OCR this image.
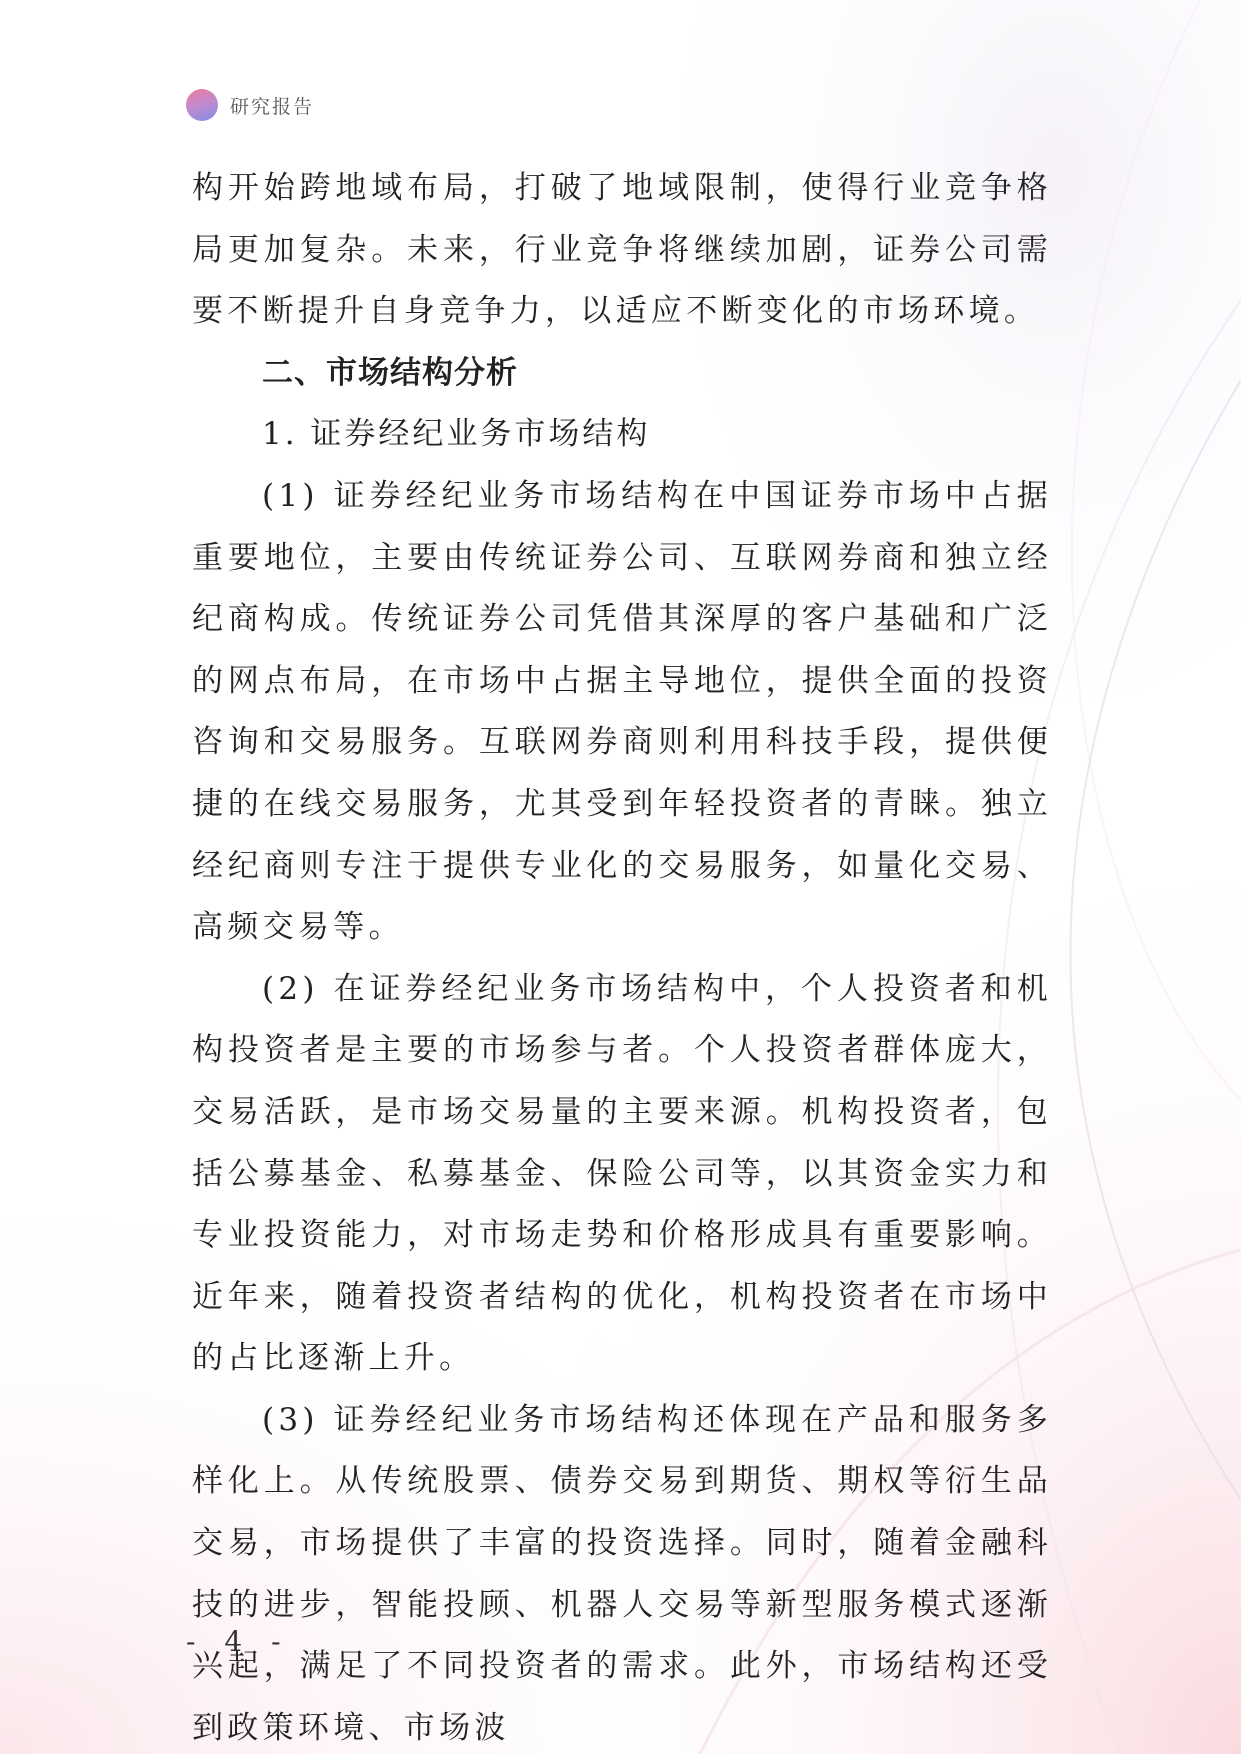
研究报告

构开始跨地域布局，打破了地域限制，使得行业竞争格局更加复杂。未来，行业竞争将继续加剧，证券公司需要不断提升自身竞争力，以适应不断变化的市场环境。

二、市场结构分析

1. 证券经纪业务市场结构

(1) 证券经纪业务市场结构在中国证券市场中占据重要地位，主要由传统证券公司、互联网券商和独立经纪商构成。传统证券公司凭借其深厚的客户基础和广泛的网点布局，在市场中占据主导地位，提供全面的投资咨询和交易服务。互联网券商则利用科技手段，提供便捷的在线交易服务，尤其受到年轻投资者的青睐。独立经纪商则专注于提供专业化的交易服务，如量化交易、高频交易等。

(2) 在证券经纪业务市场结构中，个人投资者和机构投资者是主要的市场参与者。个人投资者群体庞大，交易活跃，是市场交易量的主要来源。机构投资者，包括公募基金、私募基金、保险公司等，以其资金实力和专业投资能力，对市场走势和价格形成具有重要影响。近年来，随着投资者结构的优化，机构投资者在市场中的占比逐渐上升。

(3) 证券经纪业务市场结构还体现在产品和服务多样化上。从传统股票、债券交易到期货、期权等衍生品交易，市场提供了丰富的投资选择。同时，随着金融科技的进步，智能投顾、机器人交易等新型服务模式逐渐兴起，满足了不同投资者的需求。此外，市场结构还受到政策环境、市场波

- 4 -
